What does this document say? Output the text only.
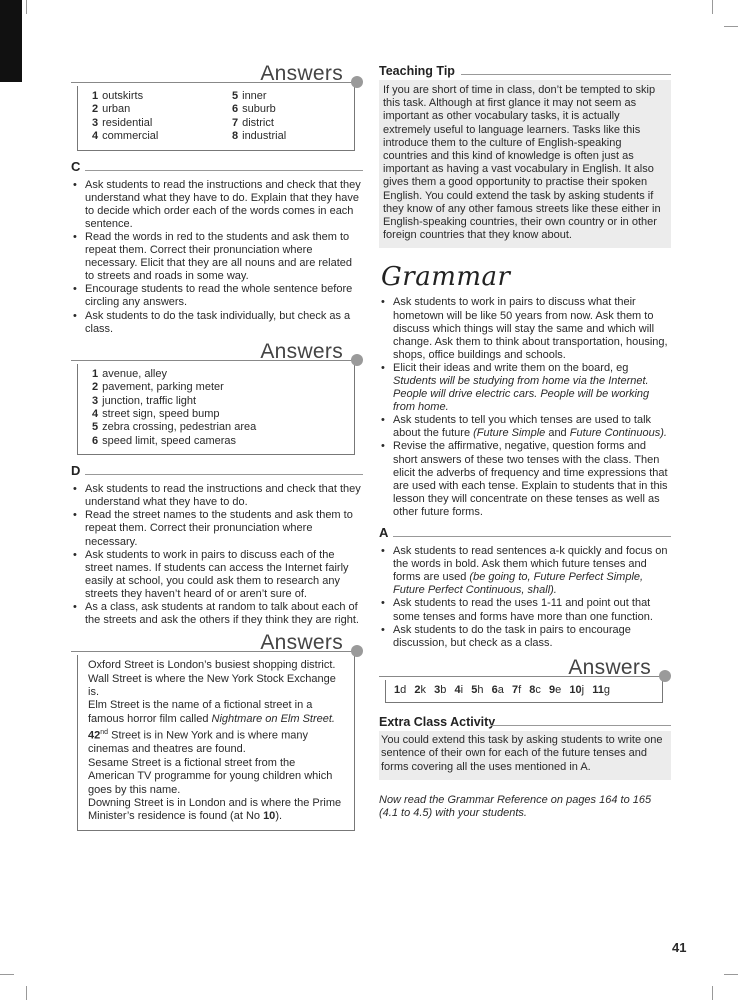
Answers
1 outskirts
2 urban
3 residential
4 commercial
5 inner
6 suburb
7 district
8 industrial
C
• Ask students to read the instructions and check that they understand what they have to do. Explain that they have to decide which order each of the words comes in each sentence.
• Read the words in red to the students and ask them to repeat them. Correct their pronunciation where necessary. Elicit that they are all nouns and are related to streets and roads in some way.
• Encourage students to read the whole sentence before circling any answers.
• Ask students to do the task individually, but check as a class.
Answers
1 avenue, alley
2 pavement, parking meter
3 junction, traffic light
4 street sign, speed bump
5 zebra crossing, pedestrian area
6 speed limit, speed cameras
D
• Ask students to read the instructions and check that they understand what they have to do.
• Read the street names to the students and ask them to repeat them. Correct their pronunciation where necessary.
• Ask students to work in pairs to discuss each of the street names. If students can access the Internet fairly easily at school, you could ask them to research any streets they haven’t heard of or aren’t sure of.
• As a class, ask students at random to talk about each of the streets and ask the others if they think they are right.
Answers
Oxford Street is London’s busiest shopping district.
Wall Street is where the New York Stock Exchange is.
Elm Street is the name of a fictional street in a famous horror film called Nightmare on Elm Street.
42nd Street is in New York and is where many cinemas and theatres are found.
Sesame Street is a fictional street from the American TV programme for young children which goes by this name.
Downing Street is in London and is where the Prime Minister’s residence is found (at No 10).
Teaching Tip
If you are short of time in class, don’t be tempted to skip this task. Although at first glance it may not seem as important as other vocabulary tasks, it is actually extremely useful to language learners. Tasks like this introduce them to the culture of English-speaking countries and this kind of knowledge is often just as important as having a vast vocabulary in English. It also gives them a good opportunity to practise their spoken English. You could extend the task by asking students if they know of any other famous streets like these either in English-speaking countries, their own country or in other foreign countries that they know about.
Grammar
• Ask students to work in pairs to discuss what their hometown will be like 50 years from now. Ask them to discuss which things will stay the same and which will change. Ask them to think about transportation, housing, shops, office buildings and schools.
• Elicit their ideas and write them on the board, eg Students will be studying from home via the Internet. People will drive electric cars. People will be working from home.
• Ask students to tell you which tenses are used to talk about the future (Future Simple and Future Continuous).
• Revise the affirmative, negative, question forms and short answers of these two tenses with the class. Then elicit the adverbs of frequency and time expressions that are used with each tense. Explain to students that in this lesson they will concentrate on these tenses as well as other future forms.
A
• Ask students to read sentences a-k quickly and focus on the words in bold. Ask them which future tenses and forms are used (be going to, Future Perfect Simple, Future Perfect Continuous, shall).
• Ask students to read the uses 1-11 and point out that some tenses and forms have more than one function.
• Ask students to do the task in pairs to encourage discussion, but check as a class.
Answers
1d 2k 3b 4i 5h 6a 7f 8c 9e 10j 11g
Extra Class Activity
You could extend this task by asking students to write one sentence of their own for each of the future tenses and forms covering all the uses mentioned in A.
Now read the Grammar Reference on pages 164 to 165 (4.1 to 4.5) with your students.
41
